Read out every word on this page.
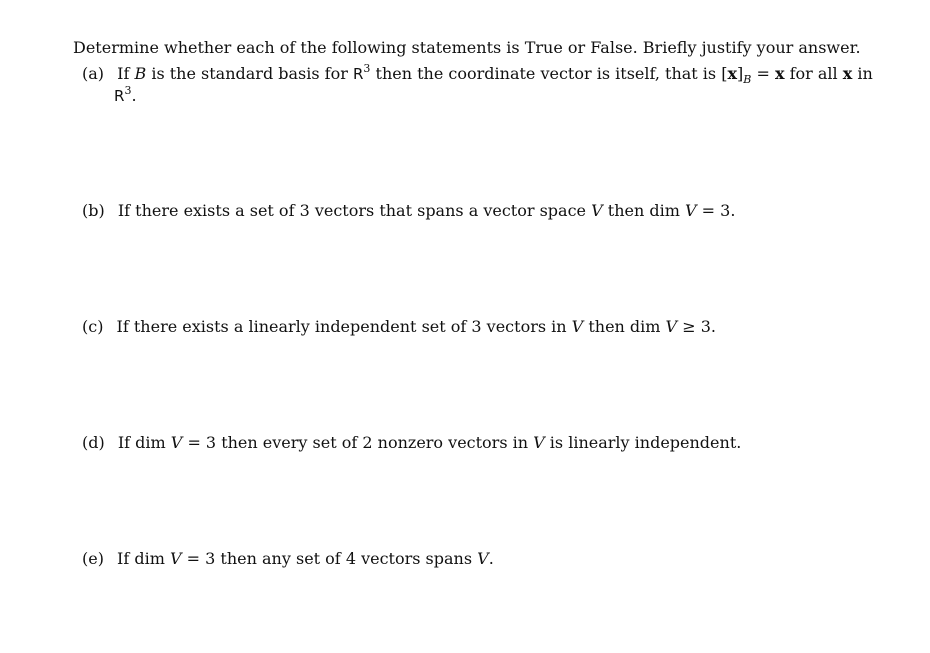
Determine whether each of the following statements is True or False. Briefly justify your answer.
(a) If B is the standard basis for $R^3$ then the coordinate vector is itself, that is $[x]_B = x$ for all x in
$R^3$.
(b) If there exists a set of 3 vectors that spans a vector space V then dim V = 3.
(c) If there exists a linearly independent set of 3 vectors in V then dim V ≥ 3.
(d) If dim V = 3 then every set of 2 nonzero vectors in V is linearly independent.
(e) If dim V = 3 then any set of 4 vectors spans V.
